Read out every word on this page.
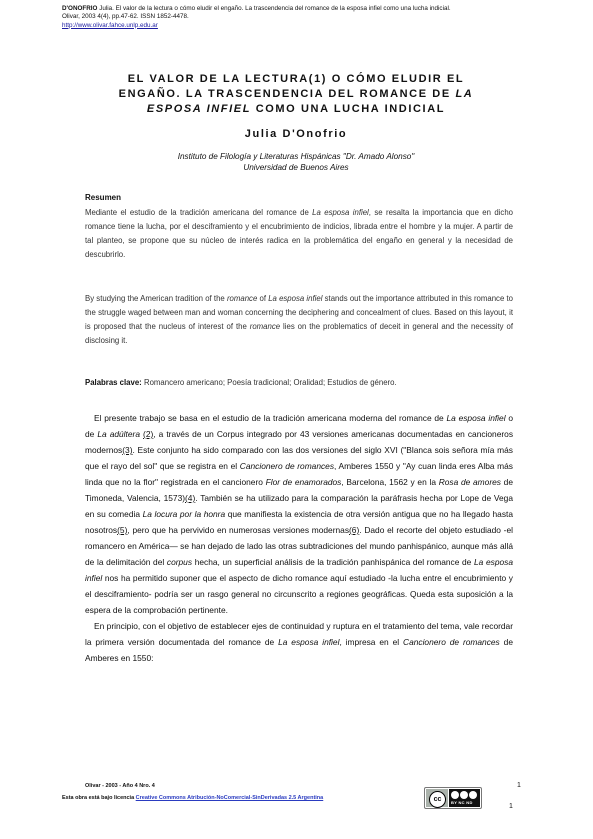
D'ONOFRIO Julia. El valor de la lectura o cómo eludir el engaño. La trascendencia del romance de la esposa infiel como una lucha indicial.
Olivar, 2003 4(4), pp.47-62. ISSN 1852-4478.
http://www.olivar.fahce.unlp.edu.ar
EL VALOR DE LA LECTURA(1) O CÓMO ELUDIR EL
ENGAÑO. LA TRASCENDENCIA DEL ROMANCE DE LA
ESPOSA INFIEL COMO UNA LUCHA INDICIAL
Julia D'Onofrio
Instituto de Filología y Literaturas Hispánicas "Dr. Amado Alonso"
Universidad de Buenos Aires
Resumen
Mediante el estudio de la tradición americana del romance de La esposa infiel, se resalta la importancia que en dicho romance tiene la lucha, por el desciframiento y el encubrimiento de indicios, librada entre el hombre y la mujer. A partir de tal planteo, se propone que su núcleo de interés radica en la problemática del engaño en general y la necesidad de descubrirlo.
By studying the American tradition of the romance of La esposa infiel stands out the importance attributed in this romance to the struggle waged between man and woman concerning the deciphering and concealment of clues. Based on this layout, it is proposed that the nucleus of interest of the romance lies on the problematics of deceit in general and the necessity of disclosing it.
Palabras clave: Romancero americano; Poesía tradicional; Oralidad; Estudios de género.

El presente trabajo se basa en el estudio de la tradición americana moderna del romance de La esposa infiel o de La adúltera (2), a través de un Corpus integrado por 43 versiones americanas documentadas en cancioneros modernos(3). Este conjunto ha sido comparado con las dos versiones del siglo XVI ("Blanca sois señora mía más que el rayo del sol" que se registra en el Cancionero de romances, Amberes 1550 y "Ay cuan linda eres Alba más linda que no la flor" registrada en el cancionero Flor de enamorados, Barcelona, 1562 y en la Rosa de amores de Timoneda, Valencia, 1573)(4). También se ha utilizado para la comparación la paráfrasis hecha por Lope de Vega en su comedia La locura por la honra que manifiesta la existencia de otra versión antigua que no ha llegado hasta nosotros(5), pero que ha pervivido en numerosas versiones modernas(6). Dado el recorte del objeto estudiado -el romancero en América— se han dejado de lado las otras subtradiciones del mundo panhispánico, aunque más allá de la delimitación del corpus hecha, un superficial análisis de la tradición panhispánica del romance de La esposa infiel nos ha permitido suponer que el aspecto de dicho romance aquí estudiado -la lucha entre el encubrimiento y el desciframiento- podría ser un rasgo general no circunscrito a regiones geográficas. Queda esta suposición a la espera de la comprobación pertinente.

En principio, con el objetivo de establecer ejes de continuidad y ruptura en el tratamiento del tema, vale recordar la primera versión documentada del romance de La esposa infiel, impresa en el Cancionero de romances de Amberes en 1550:

Olivar - 2003 - Año 4 Nro. 4	1
Esta obra está bajo licencia Creative Commons Atribución-NoComercial-SinDerivadas 2.5 Argentina	cc	BY NC ND
1
